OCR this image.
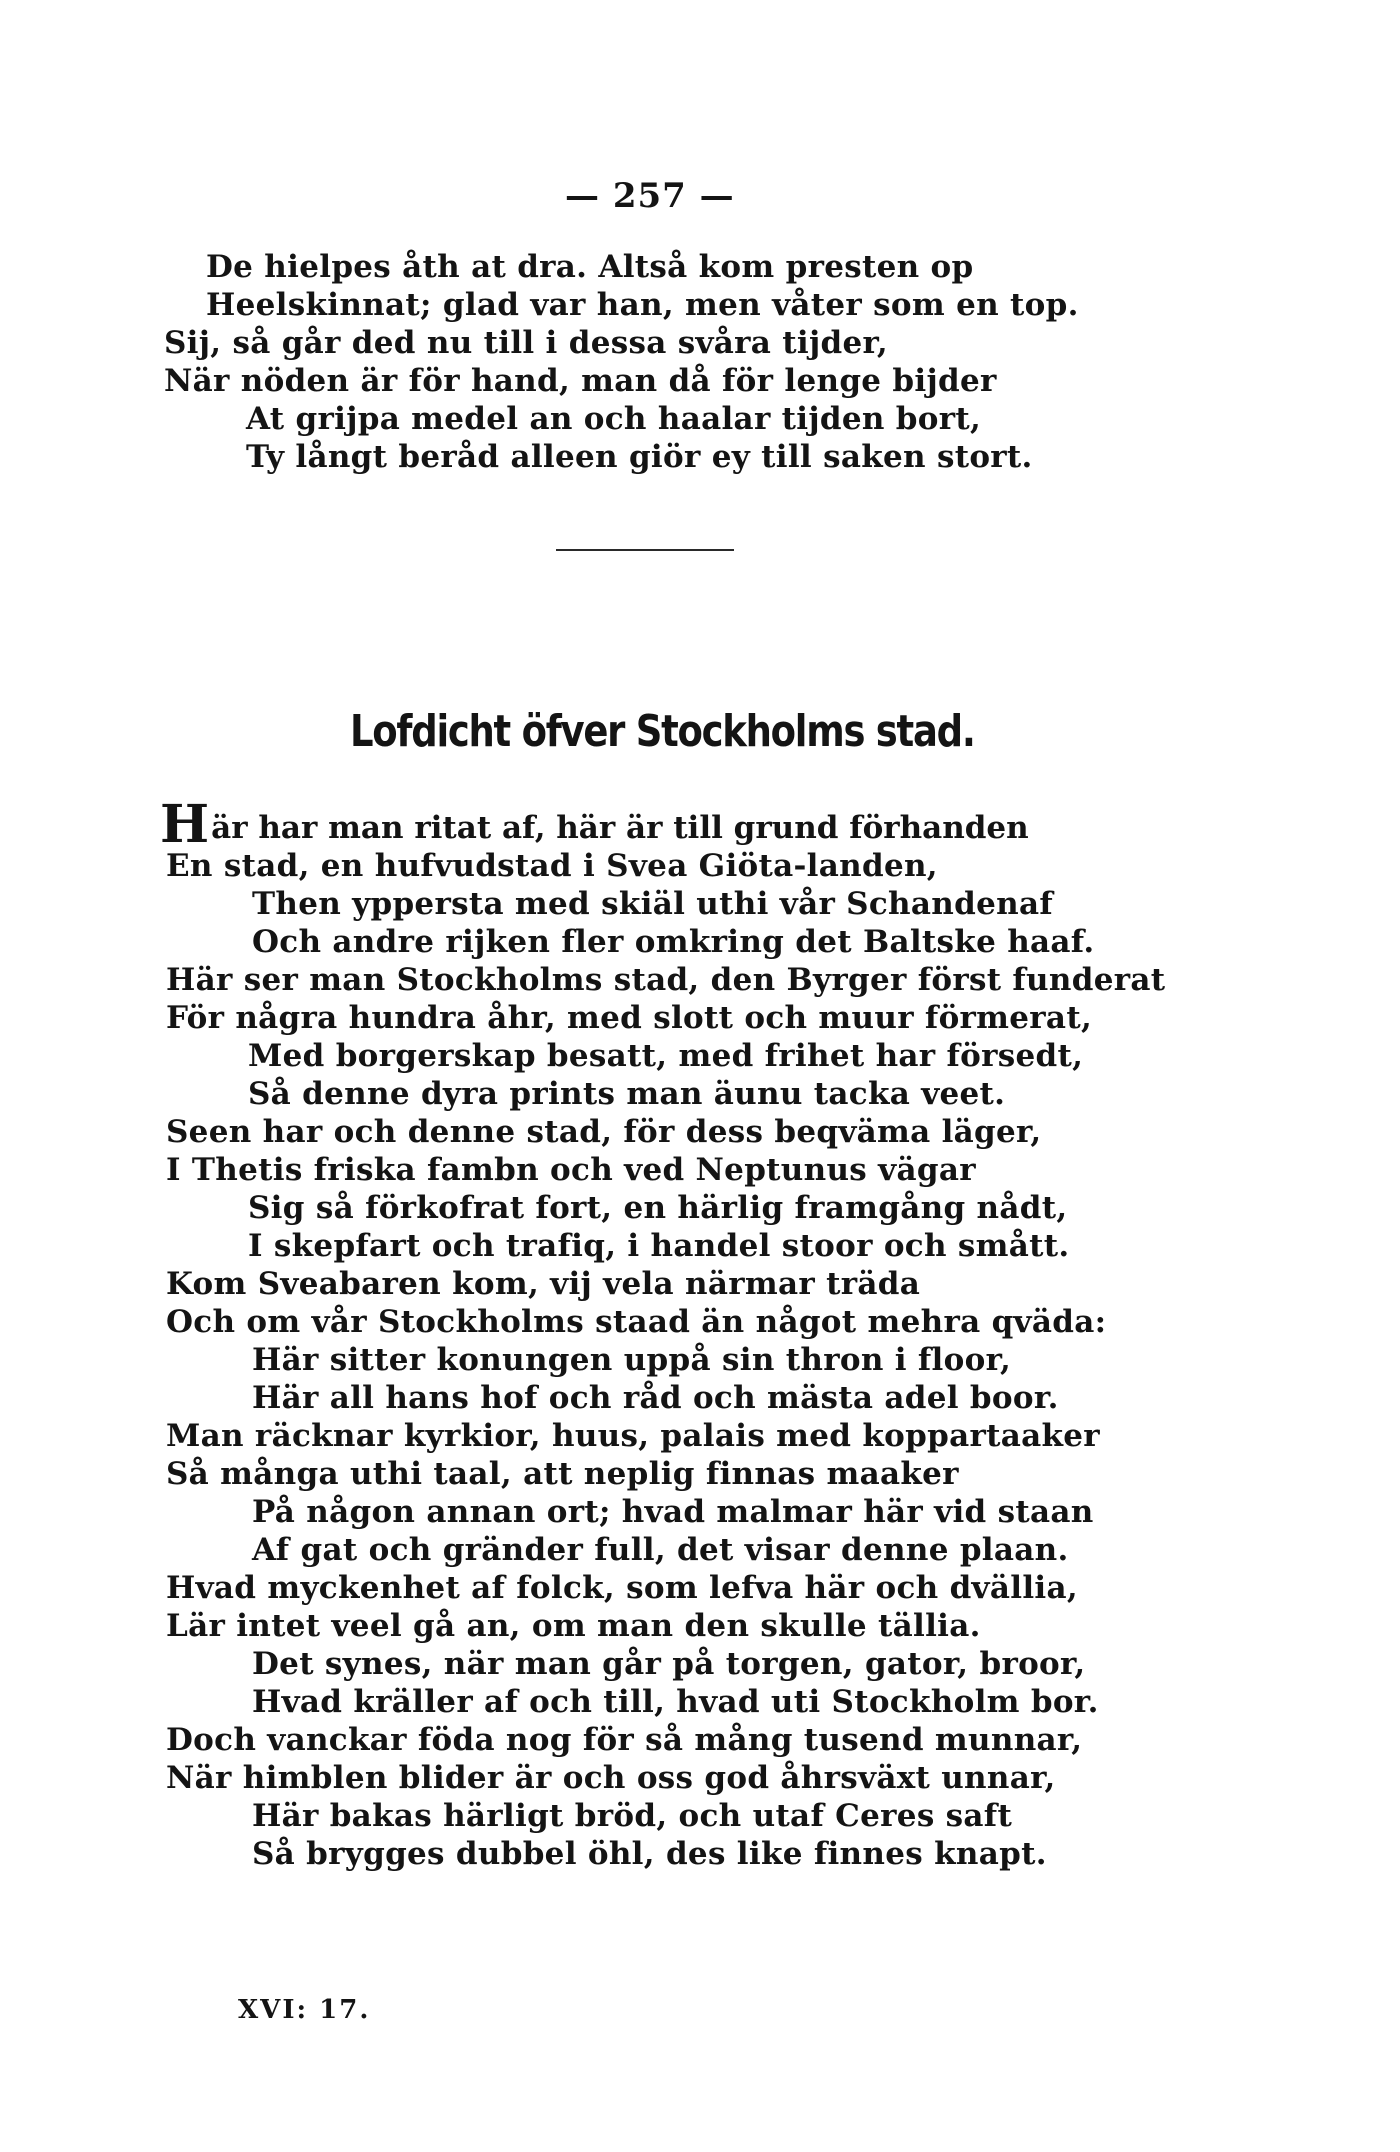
— 257 —
De hielpes åth at dra. Altså kom presten op
Heelskinnat; glad var han, men våter som en top.
Sij, så går ded nu till i dessa svåra tijder,
När nöden är för hand, man då för lenge bijder
At grijpa medel an och haalar tijden bort,
Ty långt beråd alleen giör ey till saken stort.
Lofdicht öfver Stockholms stad.
Här har man ritat af, här är till grund förhanden
En stad, en hufvudstad i Svea Giöta-landen,
Then yppersta med skiäl uthi vår Schandenaf
Och andre rijken fler omkring det Baltske haaf.
Här ser man Stockholms stad, den Byrger först funderat
För några hundra åhr, med slott och muur förmerat,
Med borgerskap besatt, med frihet har försedt,
Så denne dyra prints man äunu tacka veet.
Seen har och denne stad, för dess beqväma läger,
I Thetis friska fambn och ved Neptunus vägar
Sig så förkofrat fort, en härlig framgång nådt,
I skepfart och trafiq, i handel stoor och smått.
Kom Sveabaren kom, vij vela närmar träda
Och om vår Stockholms staad än något mehra qväda:
Här sitter konungen uppå sin thron i floor,
Här all hans hof och råd och mästa adel boor.
Man räcknar kyrkior, huus, palais med koppartaaker
Så många uthi taal, att neplig finnas maaker
På någon annan ort; hvad malmar här vid staan
Af gat och gränder full, det visar denne plaan.
Hvad myckenhet af folck, som lefva här och dvällia,
Lär intet veel gå an, om man den skulle tällia.
Det synes, när man går på torgen, gator, broor,
Hvad kräller af och till, hvad uti Stockholm bor.
Doch vanckar föda nog för så mång tusend munnar,
När himblen blider är och oss god åhrsväxt unnar,
Här bakas härligt bröd, och utaf Ceres saft
Så brygges dubbel öhl, des like finnes knapt.
XVI: 17.
